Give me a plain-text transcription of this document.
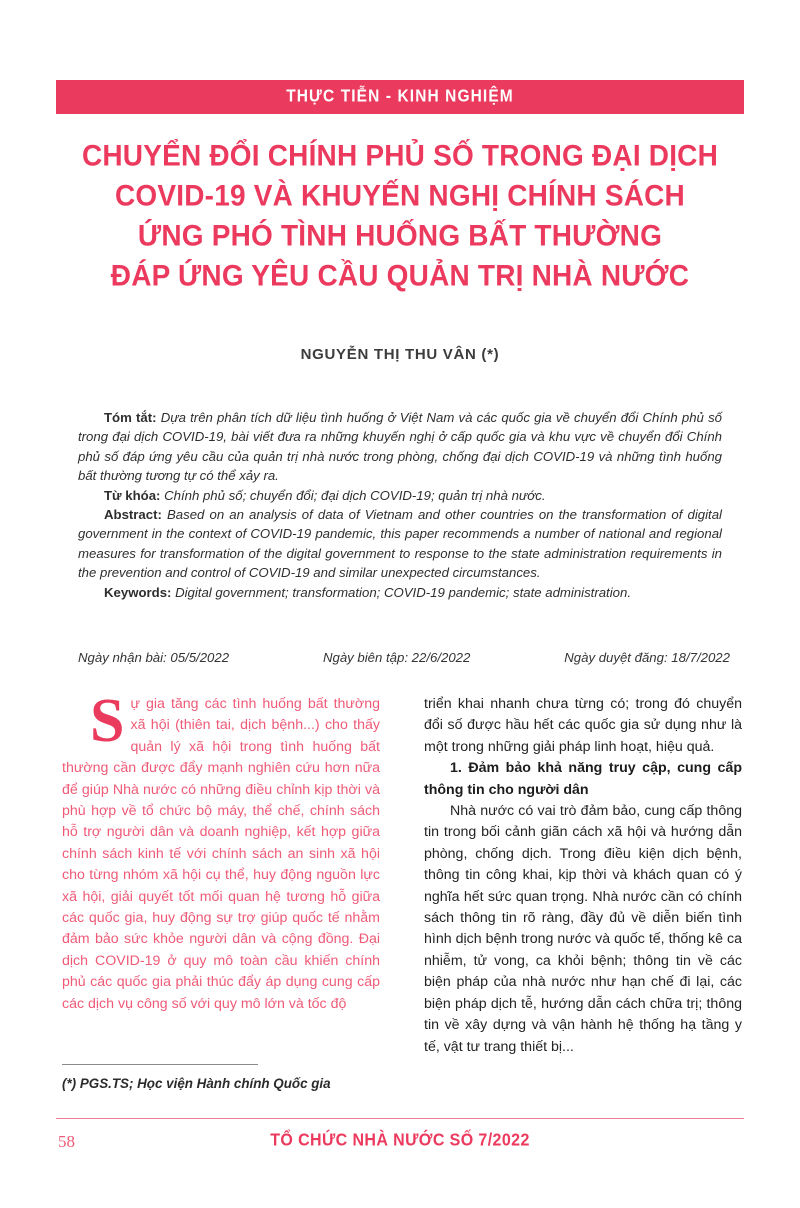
THỰC TIỄN - KINH NGHIỆM
CHUYỂN ĐỔI CHÍNH PHỦ SỐ TRONG ĐẠI DỊCH
COVID-19 VÀ KHUYẾN NGHỊ CHÍNH SÁCH
ỨNG PHÓ TÌNH HUỐNG BẤT THƯỜNG
ĐÁP ỨNG YÊU CẦU QUẢN TRỊ NHÀ NƯỚC
NGUYỄN THỊ THU VÂN (*)

Tóm tắt: Dựa trên phân tích dữ liệu tình huống ở Việt Nam và các quốc gia về chuyển đổi Chính phủ số trong đại dịch COVID-19, bài viết đưa ra những khuyến nghị ở cấp quốc gia và khu vực về chuyển đổi Chính phủ số đáp ứng yêu cầu của quản trị nhà nước trong phòng, chống đại dịch COVID-19 và những tình huống bất thường tương tự có thể xảy ra.

Từ khóa: Chính phủ số; chuyển đổi; đại dịch COVID-19; quản trị nhà nước.

Abstract: Based on an analysis of data of Vietnam and other countries on the transformation of digital government in the context of COVID-19 pandemic, this paper recommends a number of national and regional measures for transformation of the digital government to response to the state administration requirements in the prevention and control of COVID-19 and similar unexpected circumstances.

Keywords: Digital government; transformation; COVID-19 pandemic; state administration.

Ngày nhận bài: 05/5/2022	Ngày biên tập: 22/6/2022	Ngày duyệt đăng: 18/7/2022
S ự gia tăng các tình huống bất thường xã hội (thiên tai, dịch bệnh...) cho thấy quản lý xã hội trong tình huống bất thường cần được đẩy mạnh nghiên cứu hơn nữa để giúp Nhà nước có những điều chỉnh kịp thời và phù hợp về tổ chức bộ máy, thể chế, chính sách hỗ trợ người dân và doanh nghiệp, kết hợp giữa chính sách kinh tế với chính sách an sinh xã hội cho từng nhóm xã hội cụ thể, huy động nguồn lực xã hội, giải quyết tốt mối quan hệ tương hỗ giữa các quốc gia, huy động sự trợ giúp quốc tế nhằm đảm bảo sức khỏe người dân và cộng đồng. Đại dịch COVID-19 ở quy mô toàn cầu khiến chính phủ các quốc gia phải thúc đẩy áp dụng cung cấp các dịch vụ công số với quy mô lớn và tốc độ

triển khai nhanh chưa từng có; trong đó chuyển đổi số được hầu hết các quốc gia sử dụng như là một trong những giải pháp linh hoạt, hiệu quả.

1. Đảm bảo khả năng truy cập, cung cấp thông tin cho người dân

Nhà nước có vai trò đảm bảo, cung cấp thông tin trong bối cảnh giãn cách xã hội và hướng dẫn phòng, chống dịch. Trong điều kiện dịch bệnh, thông tin công khai, kịp thời và khách quan có ý nghĩa hết sức quan trọng. Nhà nước cần có chính sách thông tin rõ ràng, đầy đủ về diễn biến tình hình dịch bệnh trong nước và quốc tế, thống kê ca nhiễm, tử vong, ca khỏi bệnh; thông tin về các biện pháp của nhà nước như hạn chế đi lại, các biện pháp dịch tễ, hướng dẫn cách chữa trị; thông tin về xây dựng và vận hành hệ thống hạ tầng y tế, vật tư trang thiết bị...

(*) PGS.TS; Học viện Hành chính Quốc gia
58	TỔ CHỨC NHÀ NƯỚC SỐ 7/2022
